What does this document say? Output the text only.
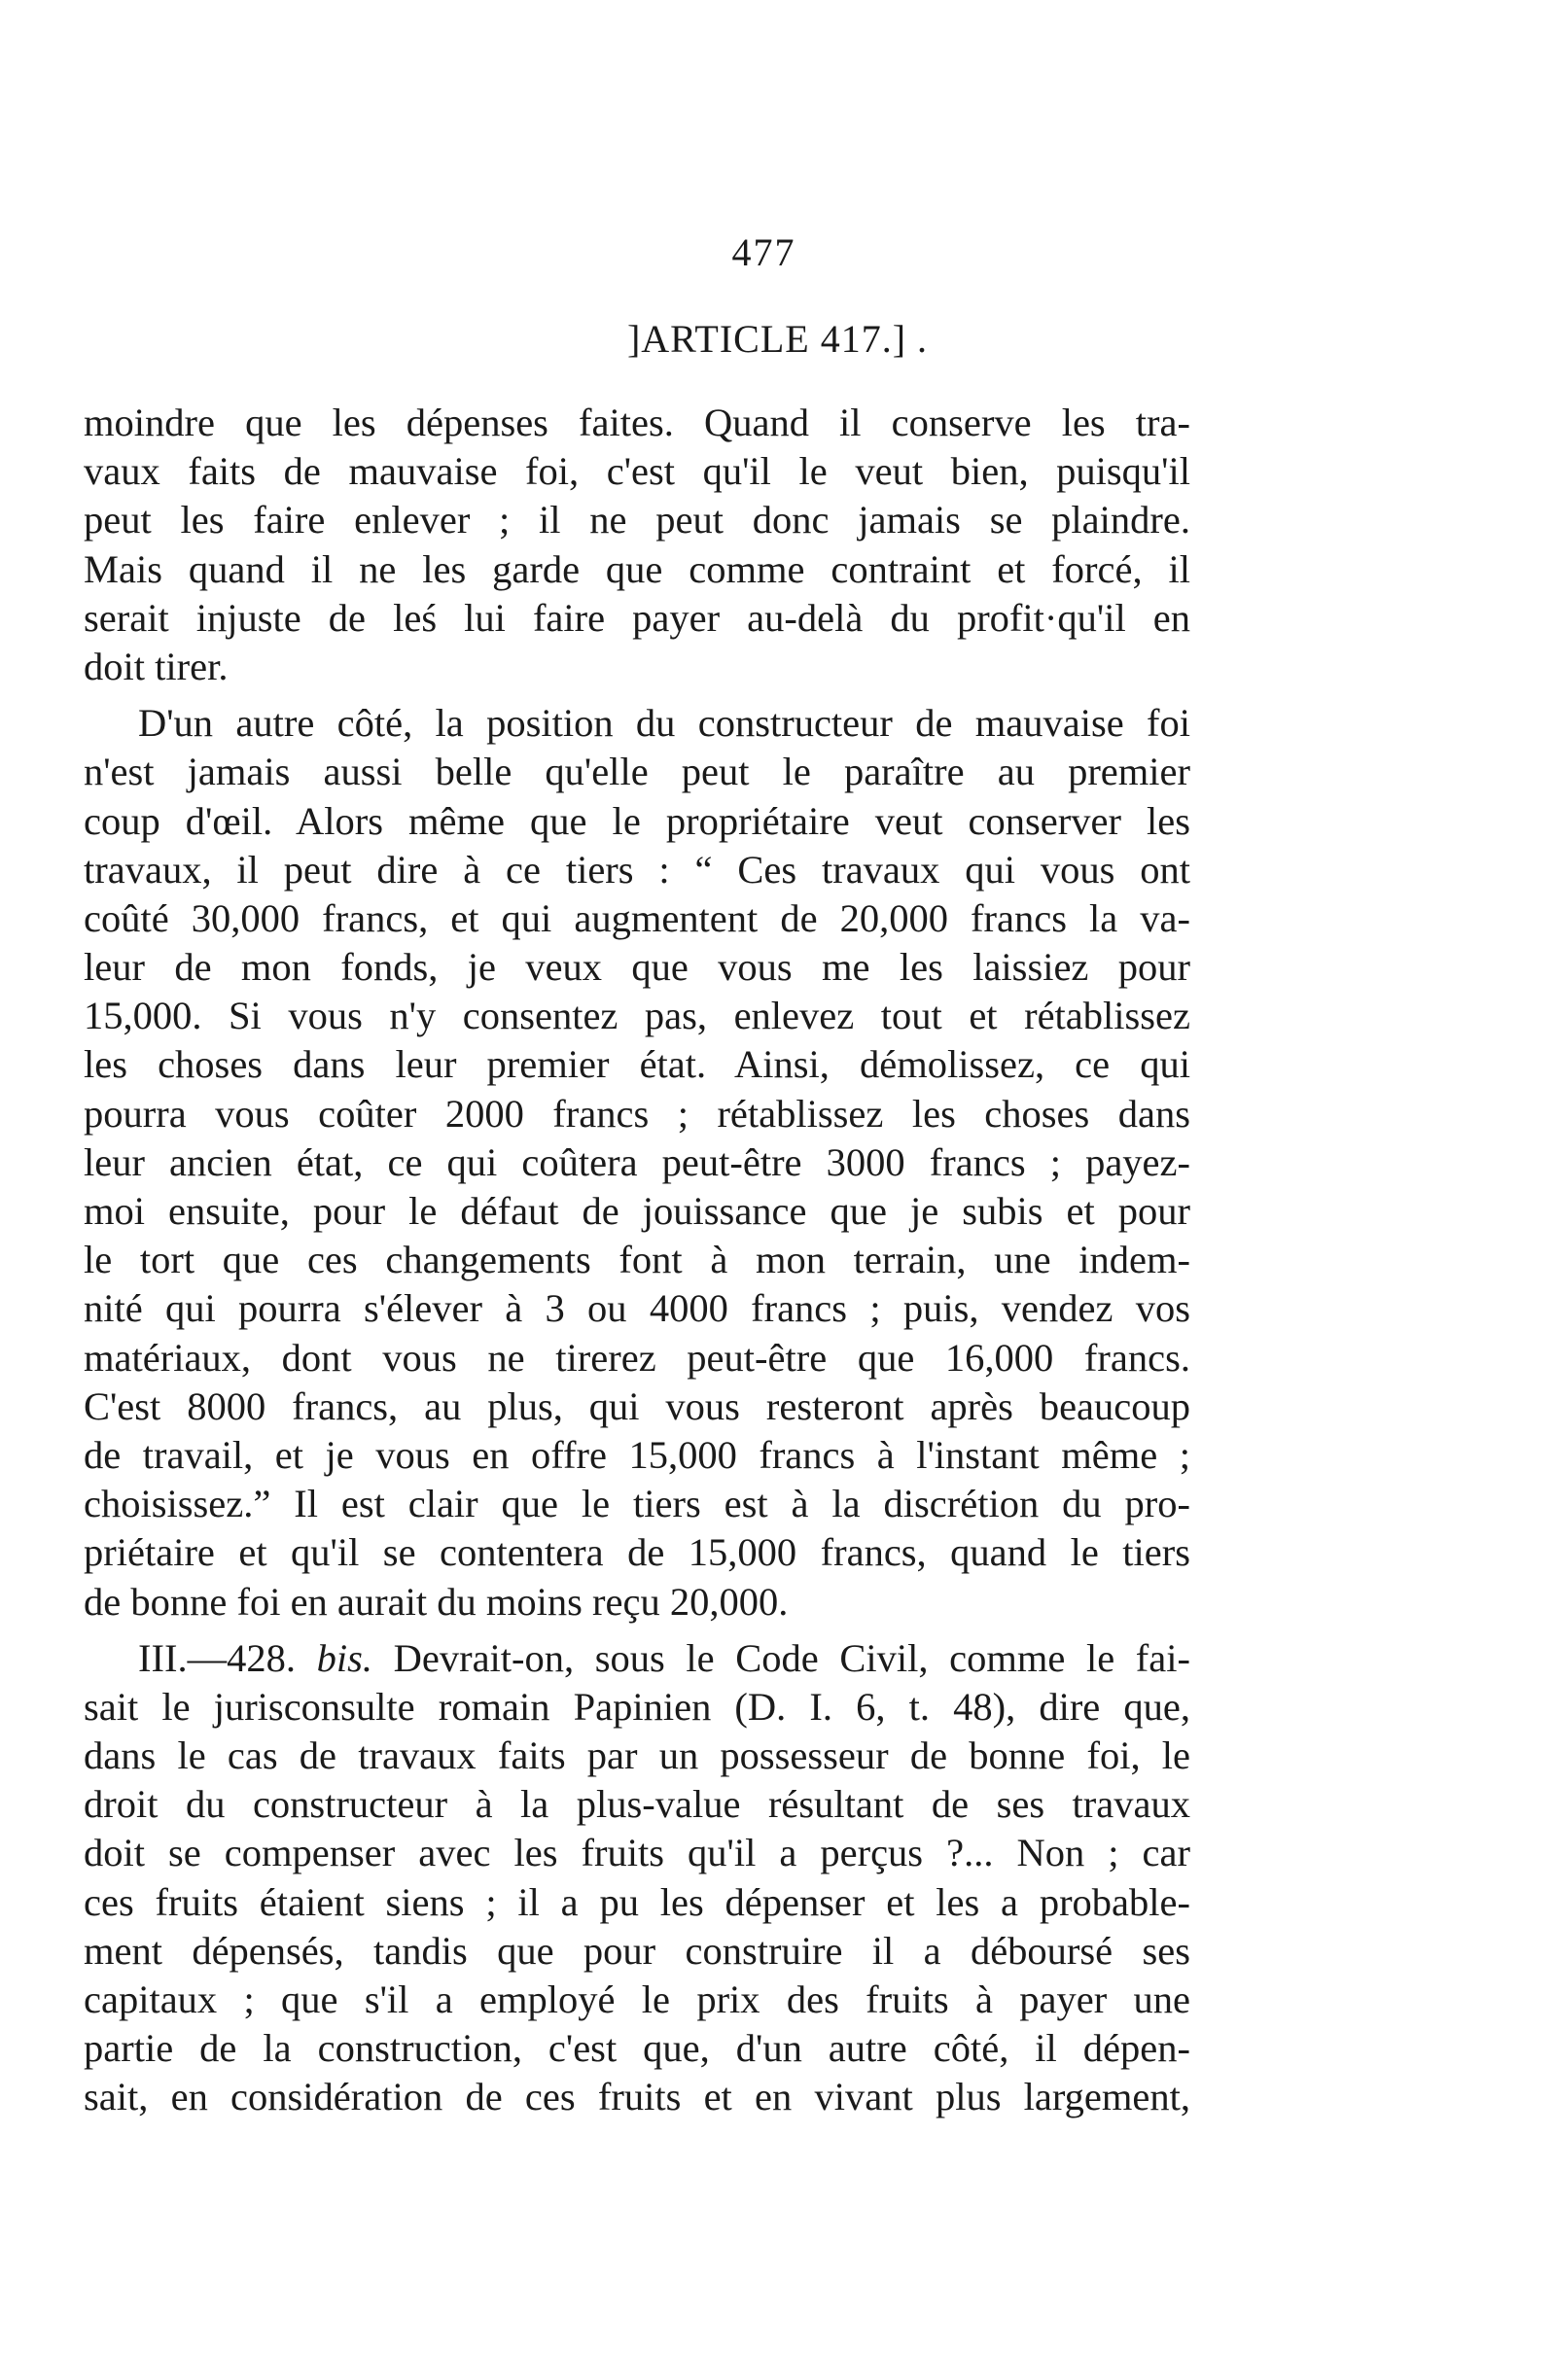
477
]ARTICLE 417.] .
moindre que les dépenses faites. Quand il conserve les tra-
vaux faits de mauvaise foi, c'est qu'il le veut bien, puisqu'il
peut les faire enlever ; il ne peut donc jamais se plaindre.
Mais quand il ne les garde que comme contraint et forcé, il
serait injuste de leś lui faire payer au-delà du profit·qu'il en
doit tirer.
D'un autre côté, la position du constructeur de mauvaise foi
n'est jamais aussi belle qu'elle peut le paraître au premier
coup d'œil. Alors même que le propriétaire veut conserver les
travaux, il peut dire à ce tiers : “ Ces travaux qui vous ont
coûté 30,000 francs, et qui augmentent de 20,000 francs la va-
leur de mon fonds, je veux que vous me les laissiez pour
15,000. Si vous n'y consentez pas, enlevez tout et rétablissez
les choses dans leur premier état. Ainsi, démolissez, ce qui
pourra vous coûter 2000 francs ; rétablissez les choses dans
leur ancien état, ce qui coûtera peut-être 3000 francs ; payez-
moi ensuite, pour le défaut de jouissance que je subis et pour
le tort que ces changements font à mon terrain, une indem-
nité qui pourra s'élever à 3 ou 4000 francs ; puis, vendez vos
matériaux, dont vous ne tirerez peut-être que 16,000 francs.
C'est 8000 francs, au plus, qui vous resteront après beaucoup
de travail, et je vous en offre 15,000 francs à l'instant même ;
choisissez.” Il est clair que le tiers est à la discrétion du pro-
priétaire et qu'il se contentera de 15,000 francs, quand le tiers
de bonne foi en aurait du moins reçu 20,000.
III.—428. bis. Devrait-on, sous le Code Civil, comme le fai-
sait le jurisconsulte romain Papinien (D. I. 6, t. 48), dire que,
dans le cas de travaux faits par un possesseur de bonne foi, le
droit du constructeur à la plus-value résultant de ses travaux
doit se compenser avec les fruits qu'il a perçus ?... Non ; car
ces fruits étaient siens ; il a pu les dépenser et les a probable-
ment dépensés, tandis que pour construire il a déboursé ses
capitaux ; que s'il a employé le prix des fruits à payer une
partie de la construction, c'est que, d'un autre côté, il dépen-
sait, en considération de ces fruits et en vivant plus largement,
